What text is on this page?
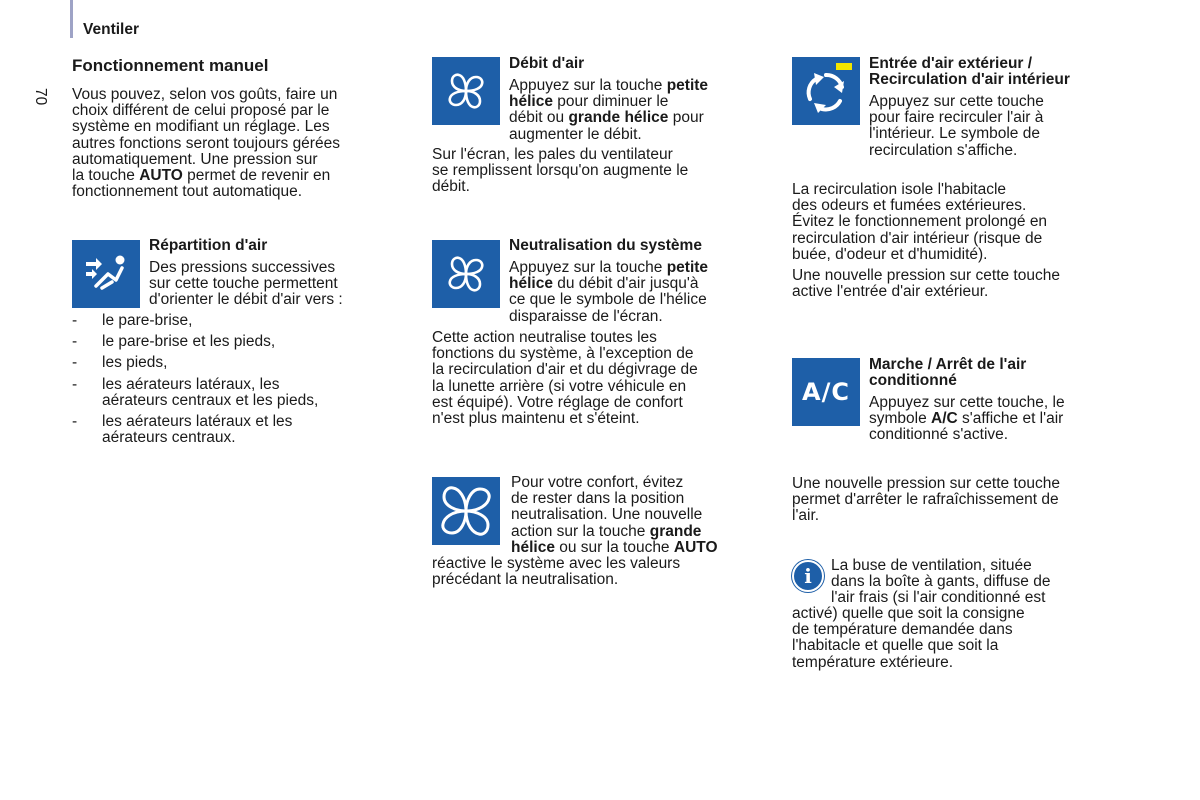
Ventiler
70
Fonctionnement manuel
Vous pouvez, selon vos goûts, faire un
choix différent de celui proposé par le
système en modifiant un réglage. Les
autres fonctions seront toujours gérées
automatiquement. Une pression sur
la touche AUTO permet de revenir en
fonctionnement tout automatique.
Répartition d'air
Des pressions successives
sur cette touche permettent
d'orienter le débit d'air vers :
- le pare-brise,
- le pare-brise et les pieds,
- les pieds,
- les aérateurs latéraux, les
aérateurs centraux et les pieds,
- les aérateurs latéraux et les
aérateurs centraux.
Débit d'air
Appuyez sur la touche petite
hélice pour diminuer le
débit ou grande hélice pour
augmenter le débit.
Sur l'écran, les pales du ventilateur
se remplissent lorsqu'on augmente le
débit.
Neutralisation du système
Appuyez sur la touche petite
hélice du débit d'air jusqu'à
ce que le symbole de l'hélice
disparaisse de l'écran.
Cette action neutralise toutes les
fonctions du système, à l'exception de
la recirculation d'air et du dégivrage de
la lunette arrière (si votre véhicule en
est équipé). Votre réglage de confort
n'est plus maintenu et s'éteint.
Pour votre confort, évitez
de rester dans la position
neutralisation. Une nouvelle
action sur la touche grande
hélice ou sur la touche AUTO
réactive le système avec les valeurs
précédant la neutralisation.
Entrée d'air extérieur /
Recirculation d'air intérieur
Appuyez sur cette touche
pour faire recirculer l'air à
l'intérieur. Le symbole de
recirculation s'affiche.
La recirculation isole l'habitacle
des odeurs et fumées extérieures.
Évitez le fonctionnement prolongé en
recirculation d'air intérieur (risque de
buée, d'odeur et d'humidité).
Une nouvelle pression sur cette touche
active l'entrée d'air extérieur.
A/C
Marche / Arrêt de l'air
conditionné
Appuyez sur cette touche, le
symbole A/C s'affiche et l'air
conditionné s'active.
Une nouvelle pression sur cette touche
permet d'arrêter le rafraîchissement de
l'air.
i	La buse de ventilation, située
dans la boîte à gants, diffuse de
l'air frais (si l'air conditionné est
activé) quelle que soit la consigne
de température demandée dans
l'habitacle et quelle que soit la
température extérieure.
